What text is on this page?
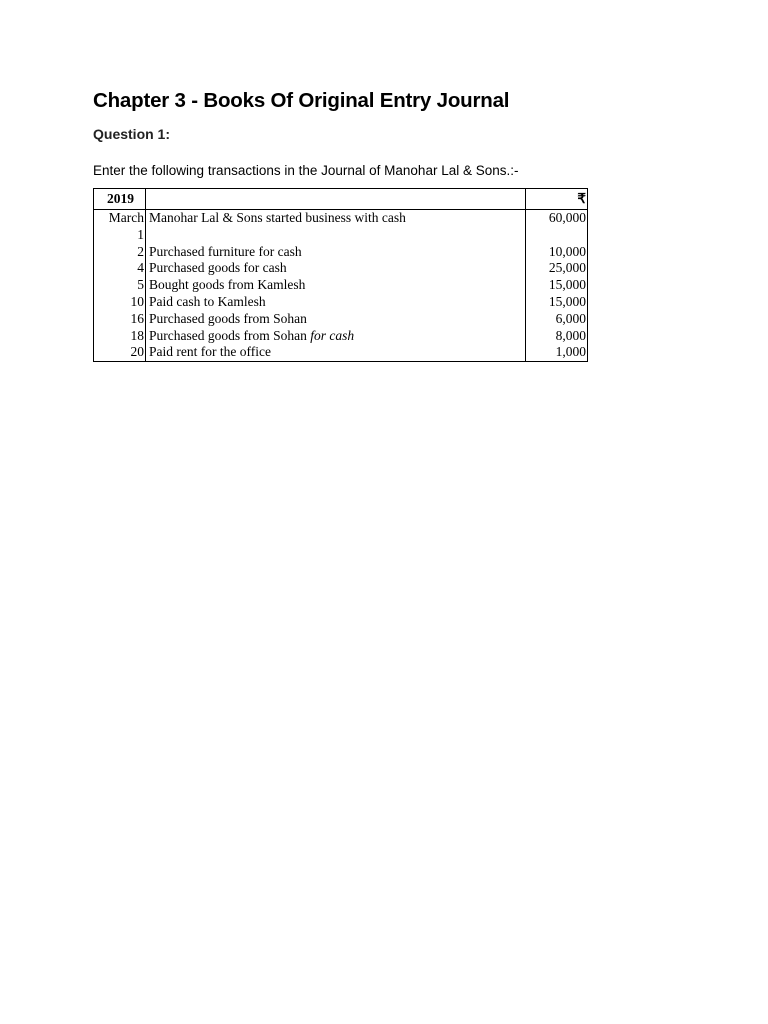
Chapter 3 - Books Of Original Entry Journal
Question 1:

Enter the following transactions in the Journal of Manohar Lal & Sons.:-

2019		₹
March
1	Manohar Lal & Sons started business with cash	60,000
2	Purchased furniture for cash	10,000
4	Purchased goods for cash	25,000
5	Bought goods from Kamlesh	15,000
10	Paid cash to Kamlesh	15,000
16	Purchased goods from Sohan	6,000
18	Purchased goods from Sohan for cash	8,000
20	Paid rent for the office	1,000
